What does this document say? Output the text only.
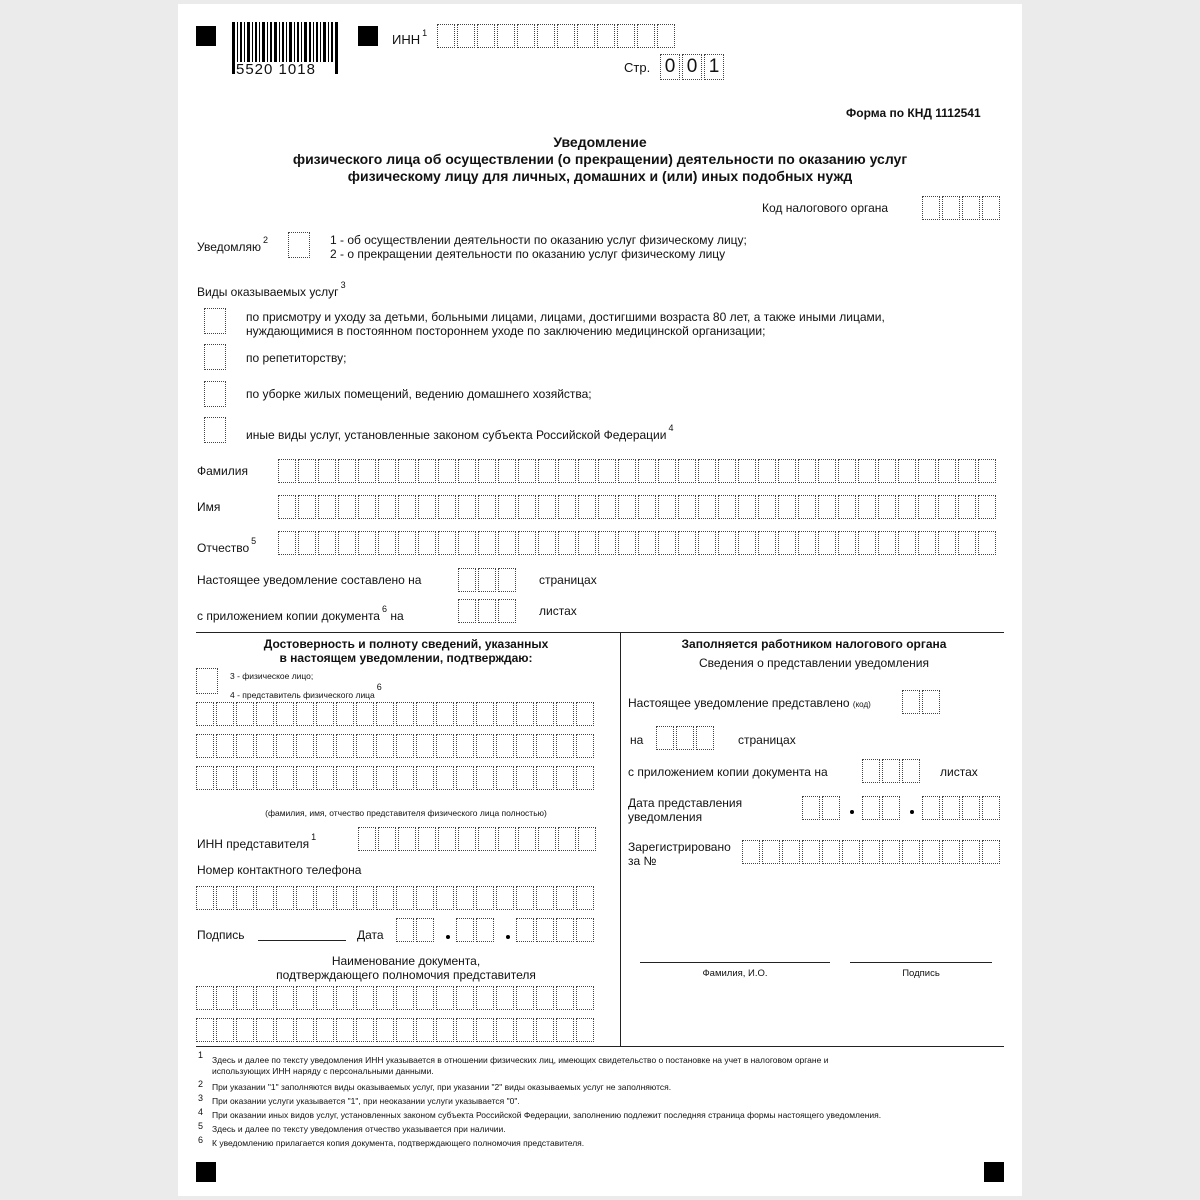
5520 1018
ИНН $^1$
Стр. 0 0 1
Форма по КНД 1112541
Уведомление
физического лица об осуществлении (о прекращении) деятельности по оказанию услуг
физическому лицу для личных, домашних и (или) иных подобных нужд
Код налогового органа
Уведомляю $^2$	1 - об осуществлении деятельности по оказанию услуг физическому лицу;
2 - о прекращении деятельности по оказанию услуг физическому лицу
Виды оказываемых услуг $^3$
по присмотру и уходу за детьми, больными лицами, лицами, достигшими возраста 80 лет, а также иными лицами,
нуждающимися в постоянном постороннем уходе по заключению медицинской организации;
по репетиторству;
по уборке жилых помещений, ведению домашнего хозяйства;
иные виды услуг, установленные законом субъекта Российской Федерации $^4$
Фамилия
Имя
Отчество $^5$
Настоящее уведомление составлено на	страницах
с приложением копии документа $^6$ на	листах
Достоверность и полноту сведений, указанных
в настоящем уведомлении, подтверждаю:
3 - физическое лицо;
4 - представитель физического лица$^6$
(фамилия, имя, отчество представителя физического лица полностью)
ИНН представителя $^1$
Номер контактного телефона
Подпись	Дата
Наименование документа,
подтверждающего полномочия представителя
Заполняется работником налогового органа
Сведения о представлении уведомления
Настоящее уведомление представлено (код)
на	страницах
с приложением копии документа на	листах
Дата представления
уведомления
Зарегистрировано
за №
Фамилия, И.О.	Подпись
1 Здесь и далее по тексту уведомления ИНН указывается в отношении физических лиц, имеющих свидетельство о постановке на учет в налоговом органе и
использующих ИНН наряду с персональными данными.
2 При указании "1" заполняются виды оказываемых услуг, при указании "2" виды оказываемых услуг не заполняются.
3 При оказании услуги указывается "1", при неоказании услуги указывается "0".
4 При оказании иных видов услуг, установленных законом субъекта Российской Федерации, заполнению подлежит последняя страница формы настоящего уведомления.
5 Здесь и далее по тексту уведомления отчество указывается при наличии.
6 К уведомлению прилагается копия документа, подтверждающего полномочия представителя.
